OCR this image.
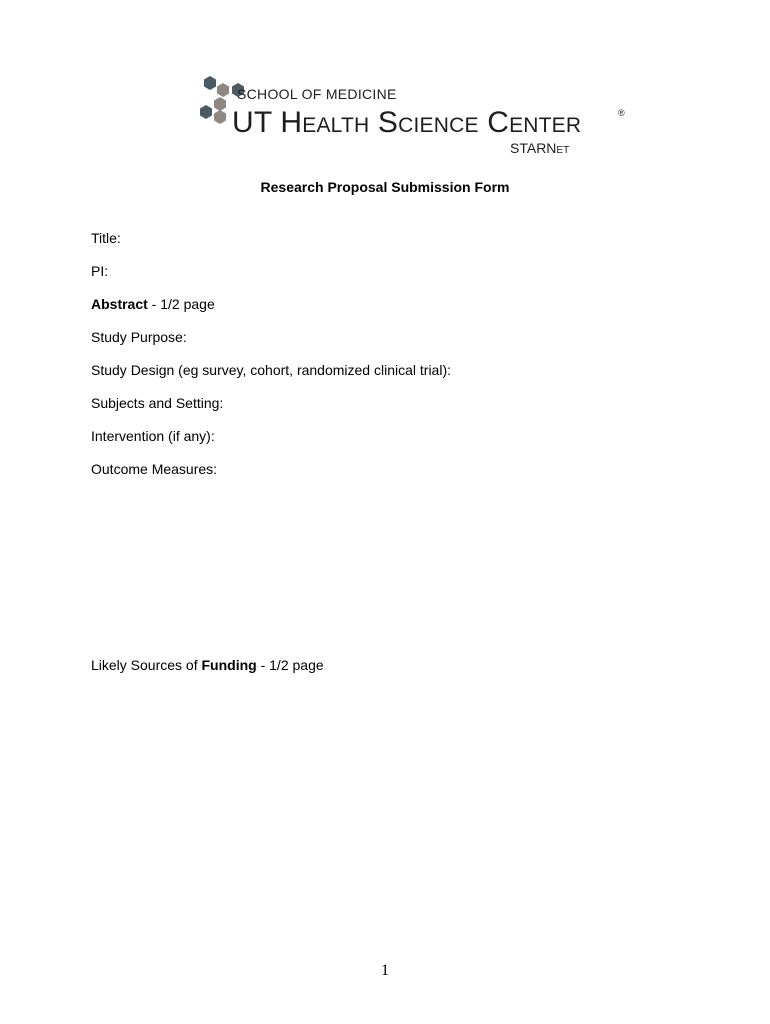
SCHOOL OF MEDICINE
UT Health Science Center	®
STARNet
Research Proposal Submission Form
Title:
PI:
Abstract - 1/2 page
Study Purpose:
Study Design (eg survey, cohort, randomized clinical trial):
Subjects and Setting:
Intervention (if any):
Outcome Measures:
Likely Sources of Funding - 1/2 page
1
